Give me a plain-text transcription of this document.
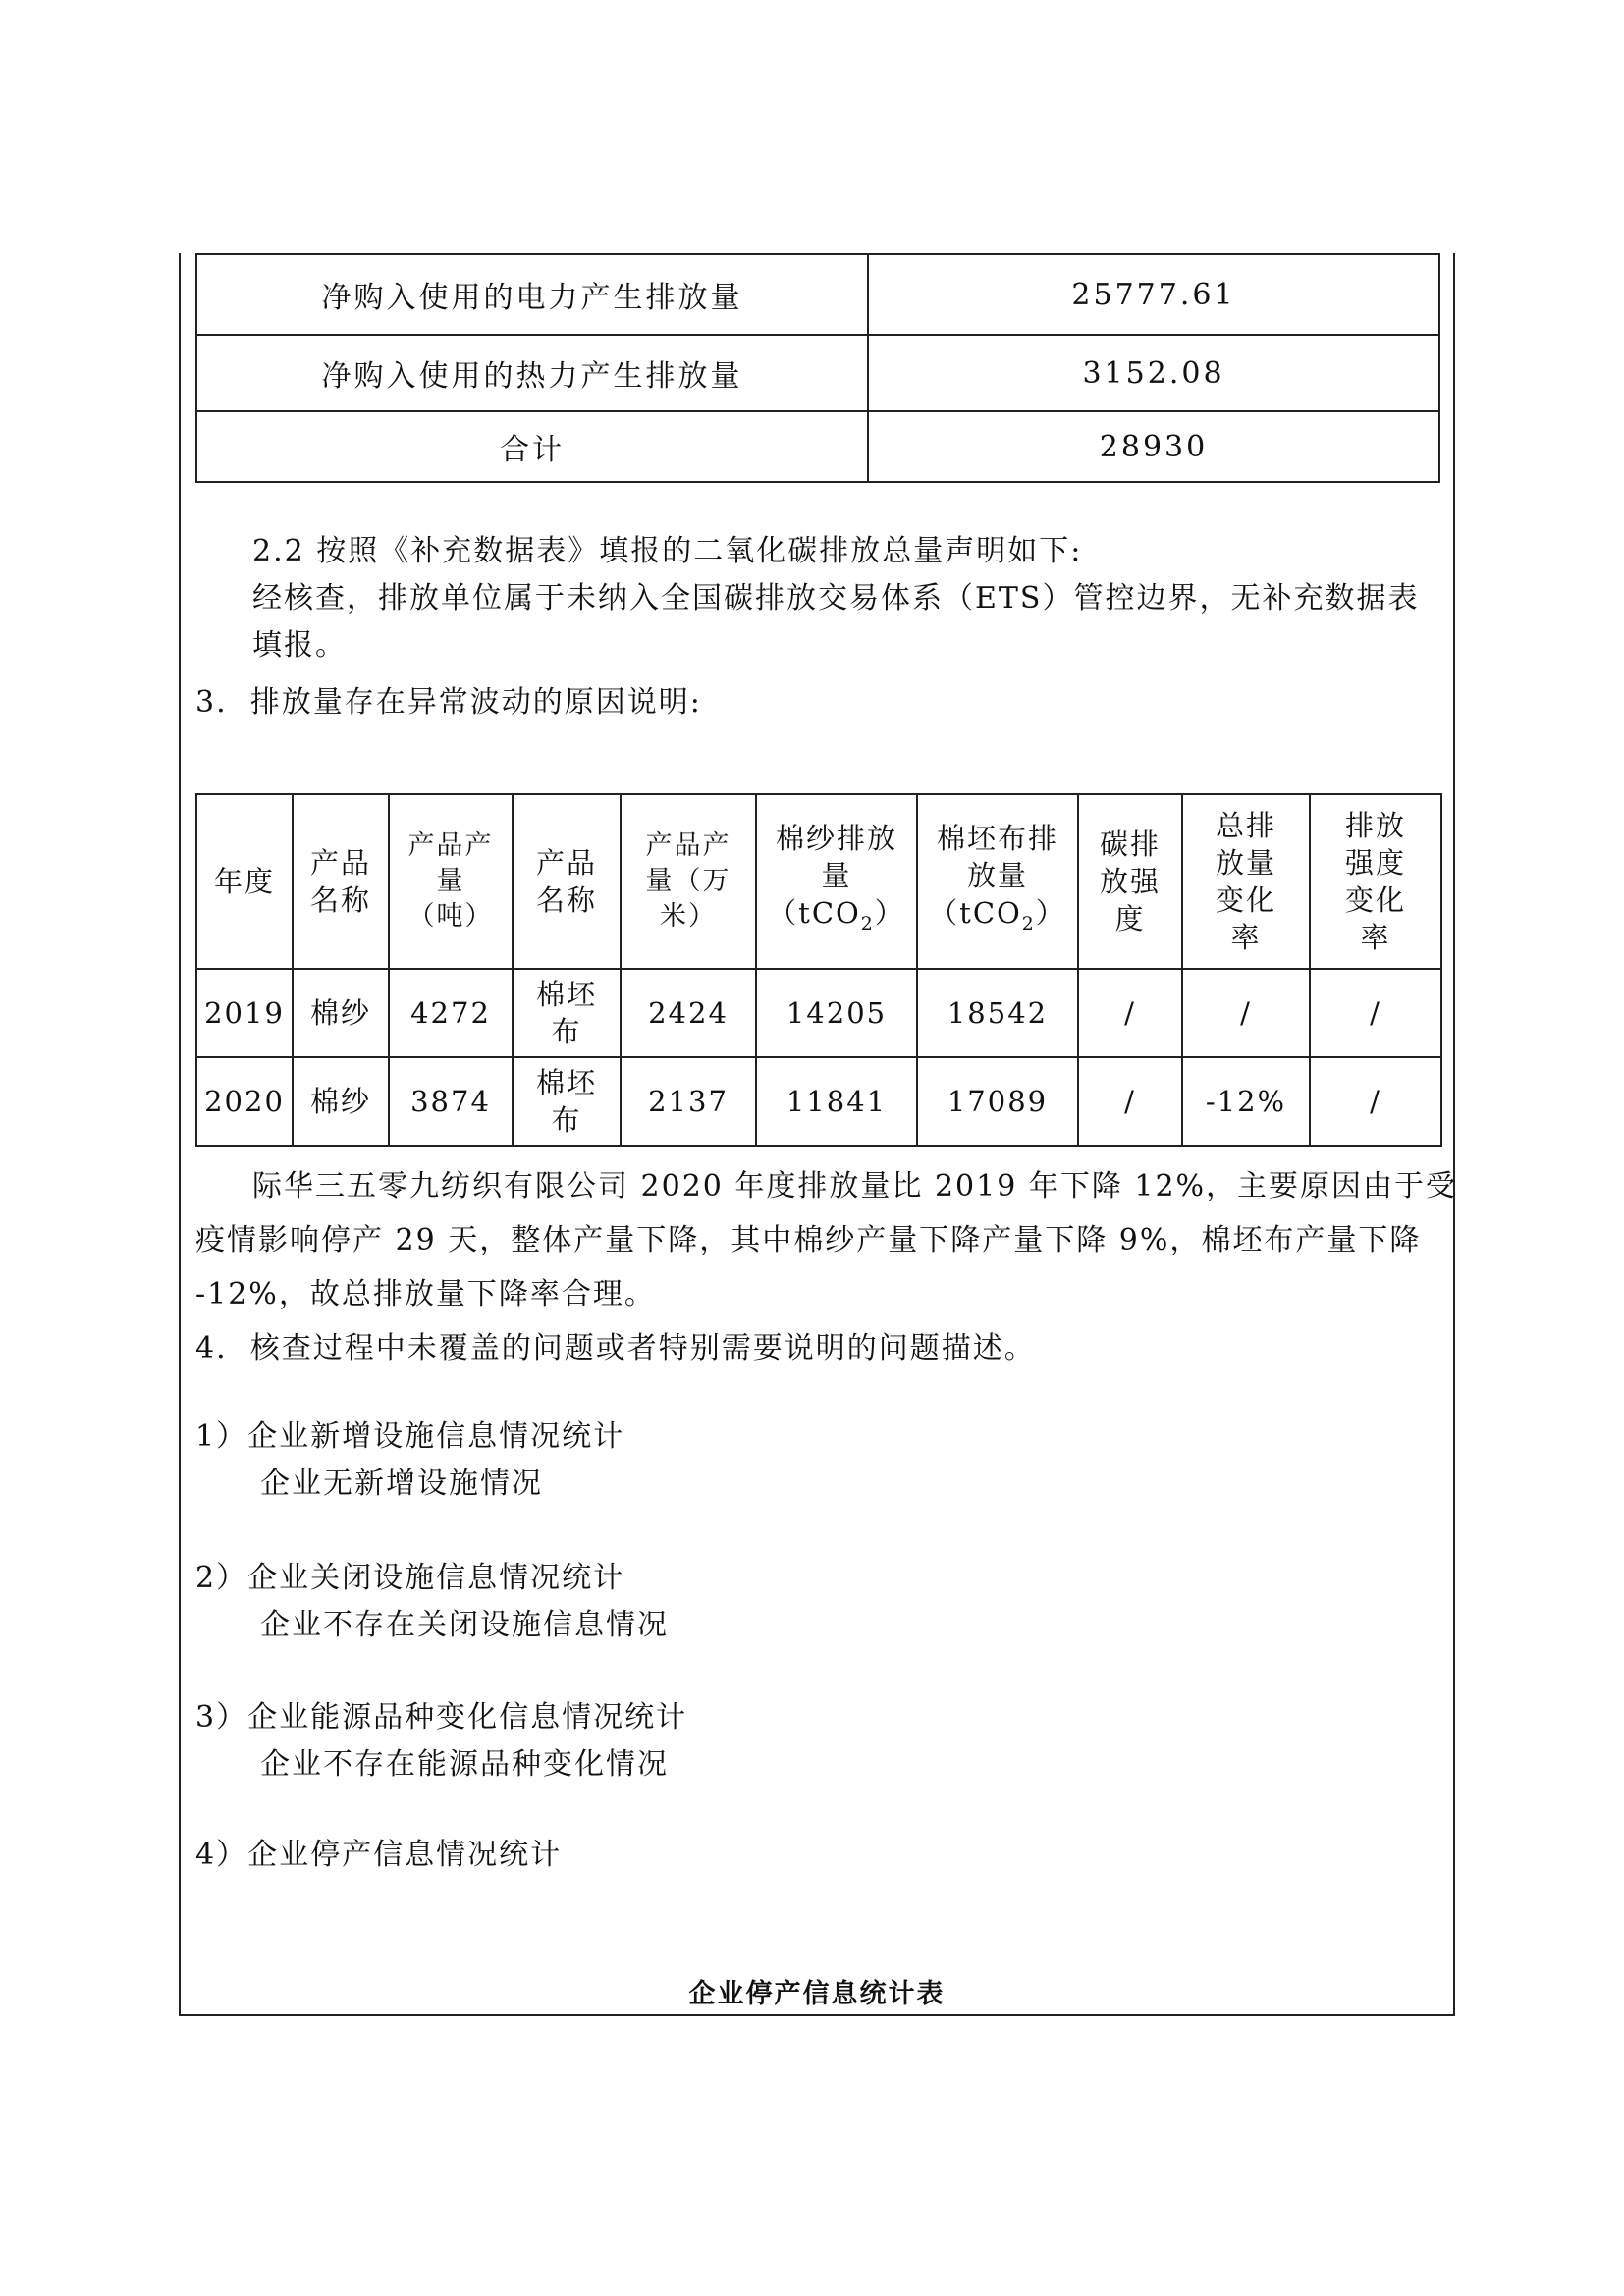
净购入使用的电力产生排放量	25777.61
净购入使用的热力产生排放量	3152.08
合计	28930
2.2 按照《补充数据表》填报的二氧化碳排放总量声明如下:
经核查，排放单位属于未纳入全国碳排放交易体系（ETS）管控边界，无补充数据表填报。
3.  排放量存在异常波动的原因说明:
年度	产品名称	产品产量（吨）	产品名称	产品产量（万米）	棉纱排放量（tCO$_2$）	棉坯布排放量（tCO$_2$）	碳排放强度	总排放量变化率	排放强度变化率
2019	棉纱	4272	棉坯布	2424	14205	18542	/	/	/
2020	棉纱	3874	棉坯布	2137	11841	17089	/	-12%	/
际华三五零九纺织有限公司 2020 年度排放量比 2019 年下降 12%，主要原因由于受
疫情影响停产 29 天，整体产量下降，其中棉纱产量下降产量下降 9%，棉坯布产量下降
-12%，故总排放量下降率合理。
4.  核查过程中未覆盖的问题或者特别需要说明的问题描述。
1）企业新增设施信息情况统计
企业无新增设施情况
2）企业关闭设施信息情况统计
企业不存在关闭设施信息情况
3）企业能源品种变化信息情况统计
企业不存在能源品种变化情况
4）企业停产信息情况统计
企业停产信息统计表
